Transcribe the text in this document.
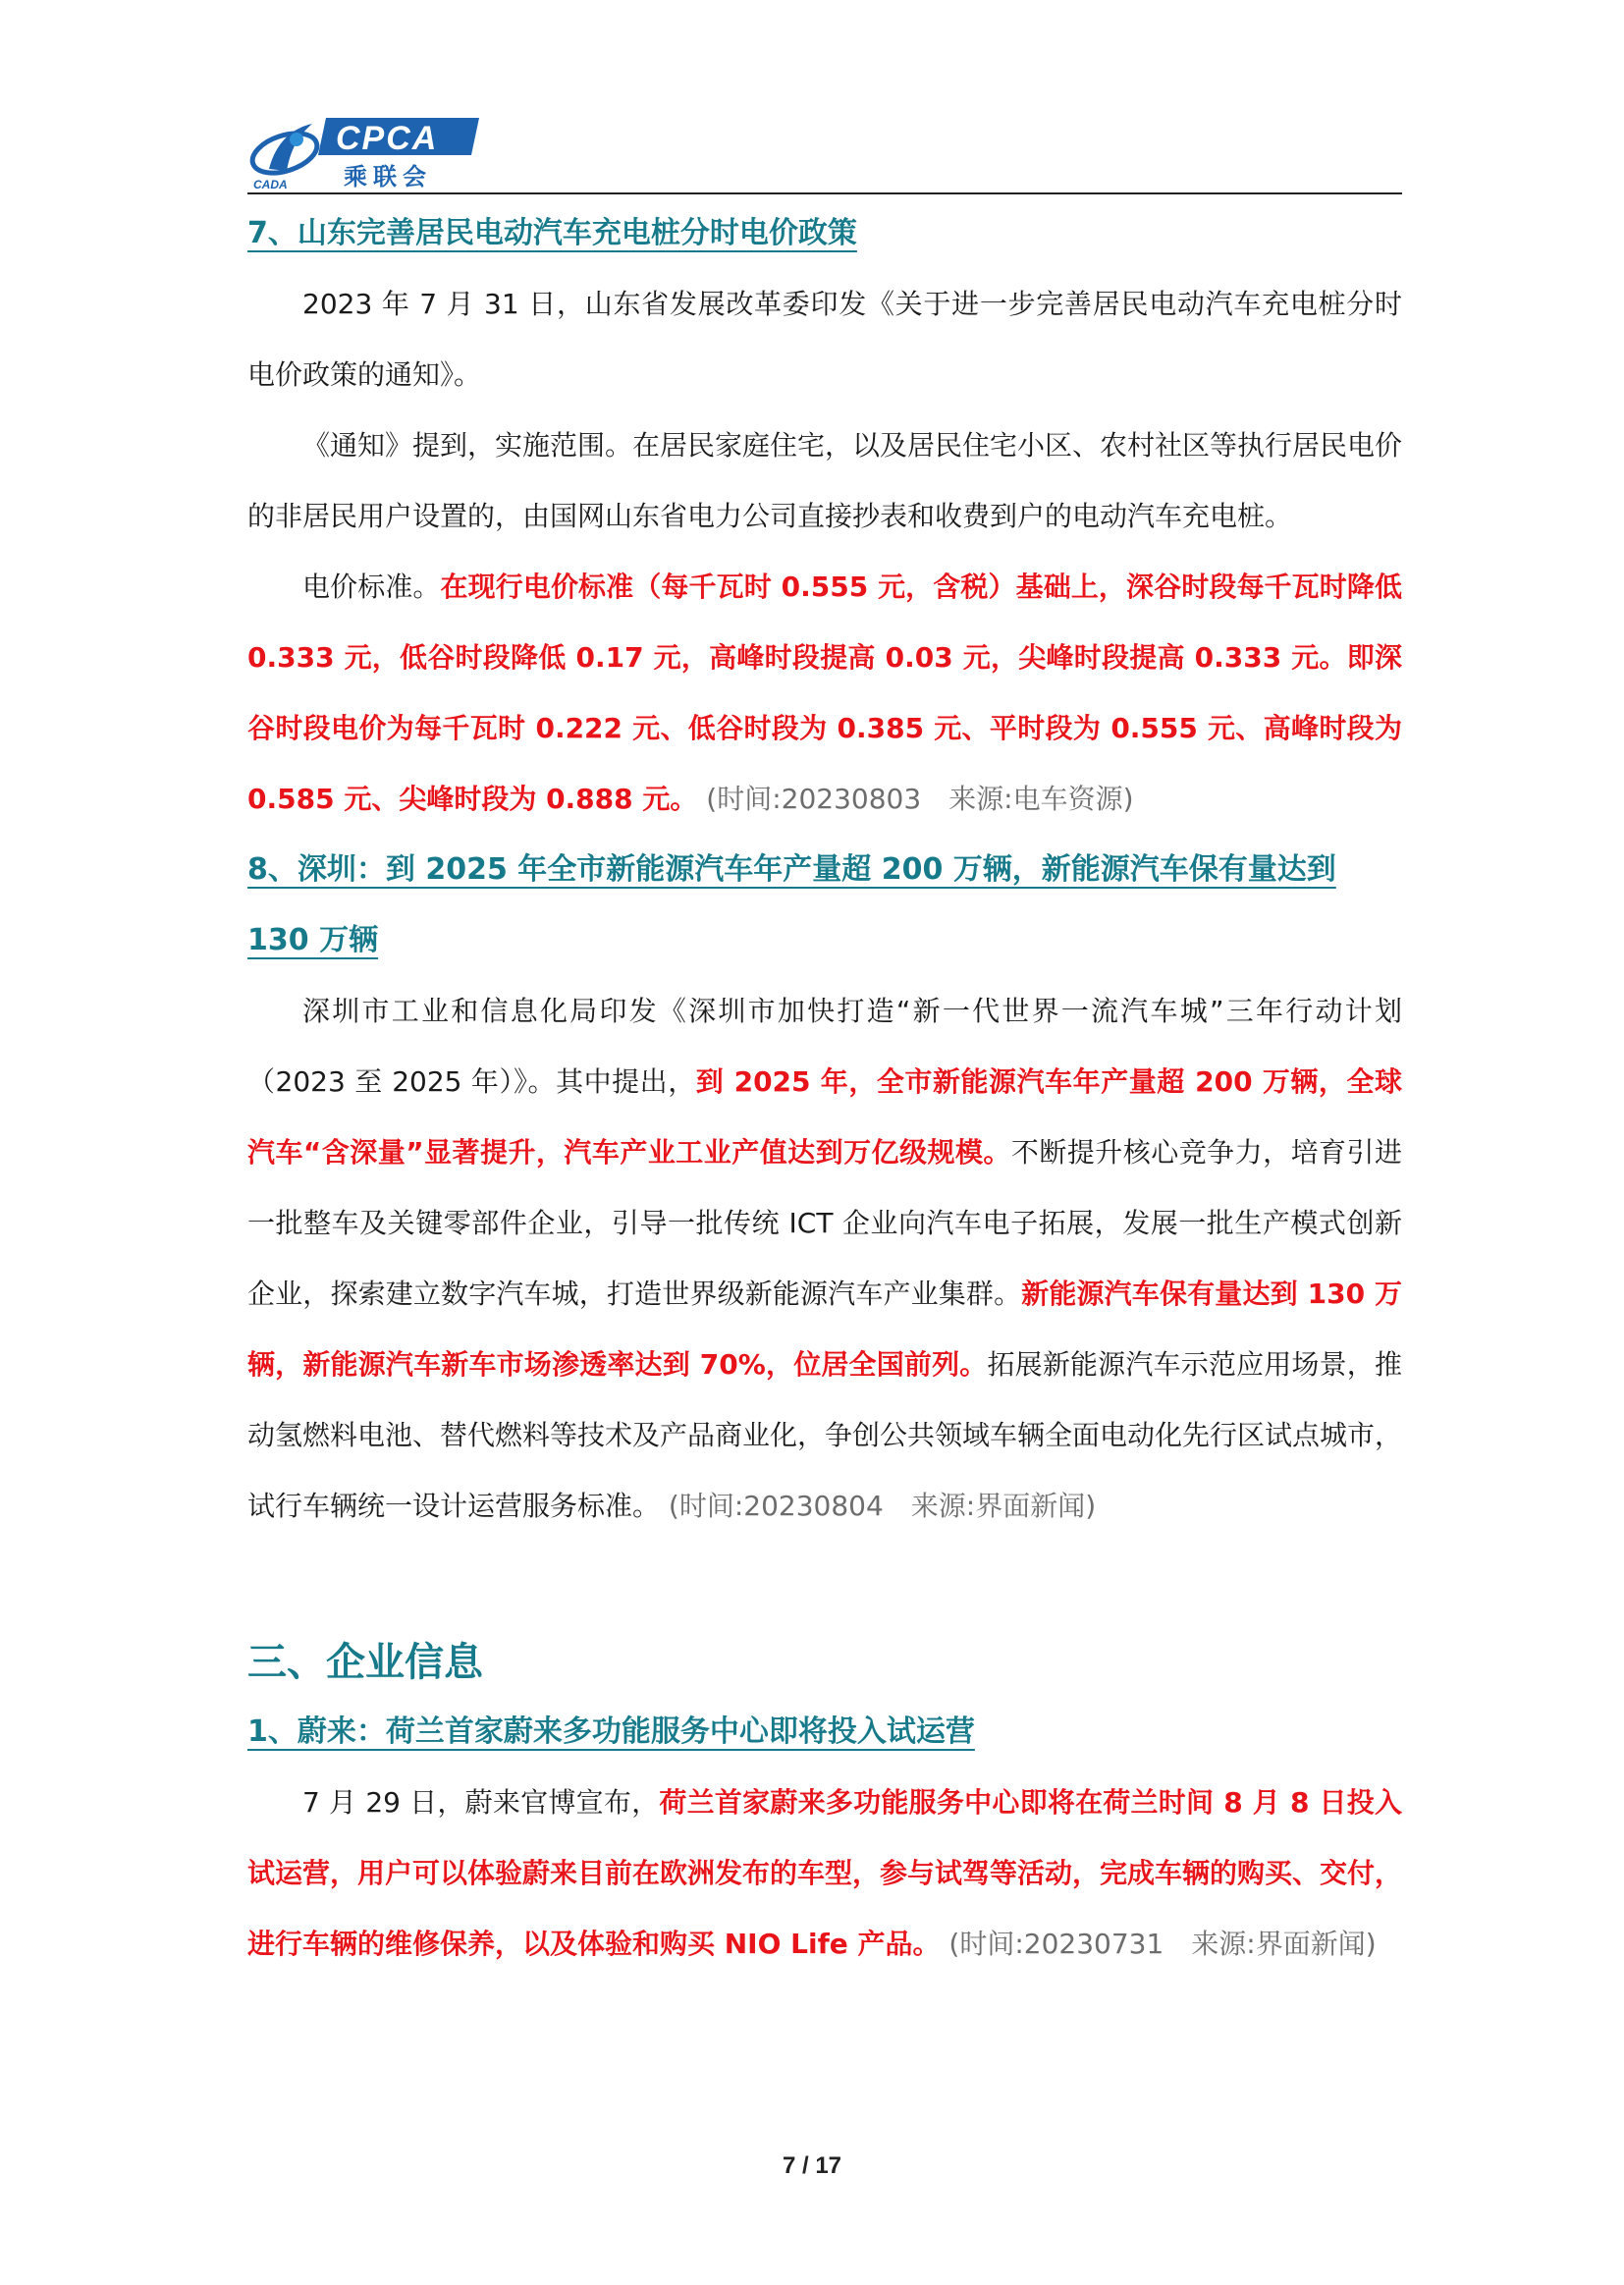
CADA
CPCA
乘联会
7、山东完善居民电动汽车充电桩分时电价政策

2023 年 7 月 31 日，山东省发展改革委印发《关于进一步完善居民电动汽车充电桩分时电价政策的通知》。

《通知》提到，实施范围。在居民家庭住宅，以及居民住宅小区、农村社区等执行居民电价的非居民用户设置的，由国网山东省电力公司直接抄表和收费到户的电动汽车充电桩。

电价标准。在现行电价标准（每千瓦时 0.555 元，含税）基础上，深谷时段每千瓦时降低 0.333 元，低谷时段降低 0.17 元，高峰时段提高 0.03 元，尖峰时段提高 0.333 元。即深谷时段电价为每千瓦时 0.222 元、低谷时段为 0.385 元、平时段为 0.555 元、高峰时段为 0.585 元、尖峰时段为 0.888 元。 (时间:20230803　来源:电车资源)

8、深圳：到 2025 年全市新能源汽车年产量超 200 万辆，新能源汽车保有量达到 130 万辆

深圳市工业和信息化局印发《深圳市加快打造“新一代世界一流汽车城”三年行动计划（2023 至 2025 年）》。其中提出，到 2025 年，全市新能源汽车年产量超 200 万辆，全球汽车“含深量”显著提升，汽车产业工业产值达到万亿级规模。不断提升核心竞争力，培育引进一批整车及关键零部件企业，引导一批传统 ICT 企业向汽车电子拓展，发展一批生产模式创新企业，探索建立数字汽车城，打造世界级新能源汽车产业集群。新能源汽车保有量达到 130 万辆，新能源汽车新车市场渗透率达到 70%，位居全国前列。拓展新能源汽车示范应用场景，推动氢燃料电池、替代燃料等技术及产品商业化，争创公共领域车辆全面电动化先行区试点城市，试行车辆统一设计运营服务标准。 (时间:20230804　来源:界面新闻)

三、企业信息
1、蔚来：荷兰首家蔚来多功能服务中心即将投入试运营

7 月 29 日，蔚来官博宣布，荷兰首家蔚来多功能服务中心即将在荷兰时间 8 月 8 日投入试运营，用户可以体验蔚来目前在欧洲发布的车型，参与试驾等活动，完成车辆的购买、交付，进行车辆的维修保养，以及体验和购买 NIO Life 产品。 (时间:20230731　来源:界面新闻)

7 / 17
